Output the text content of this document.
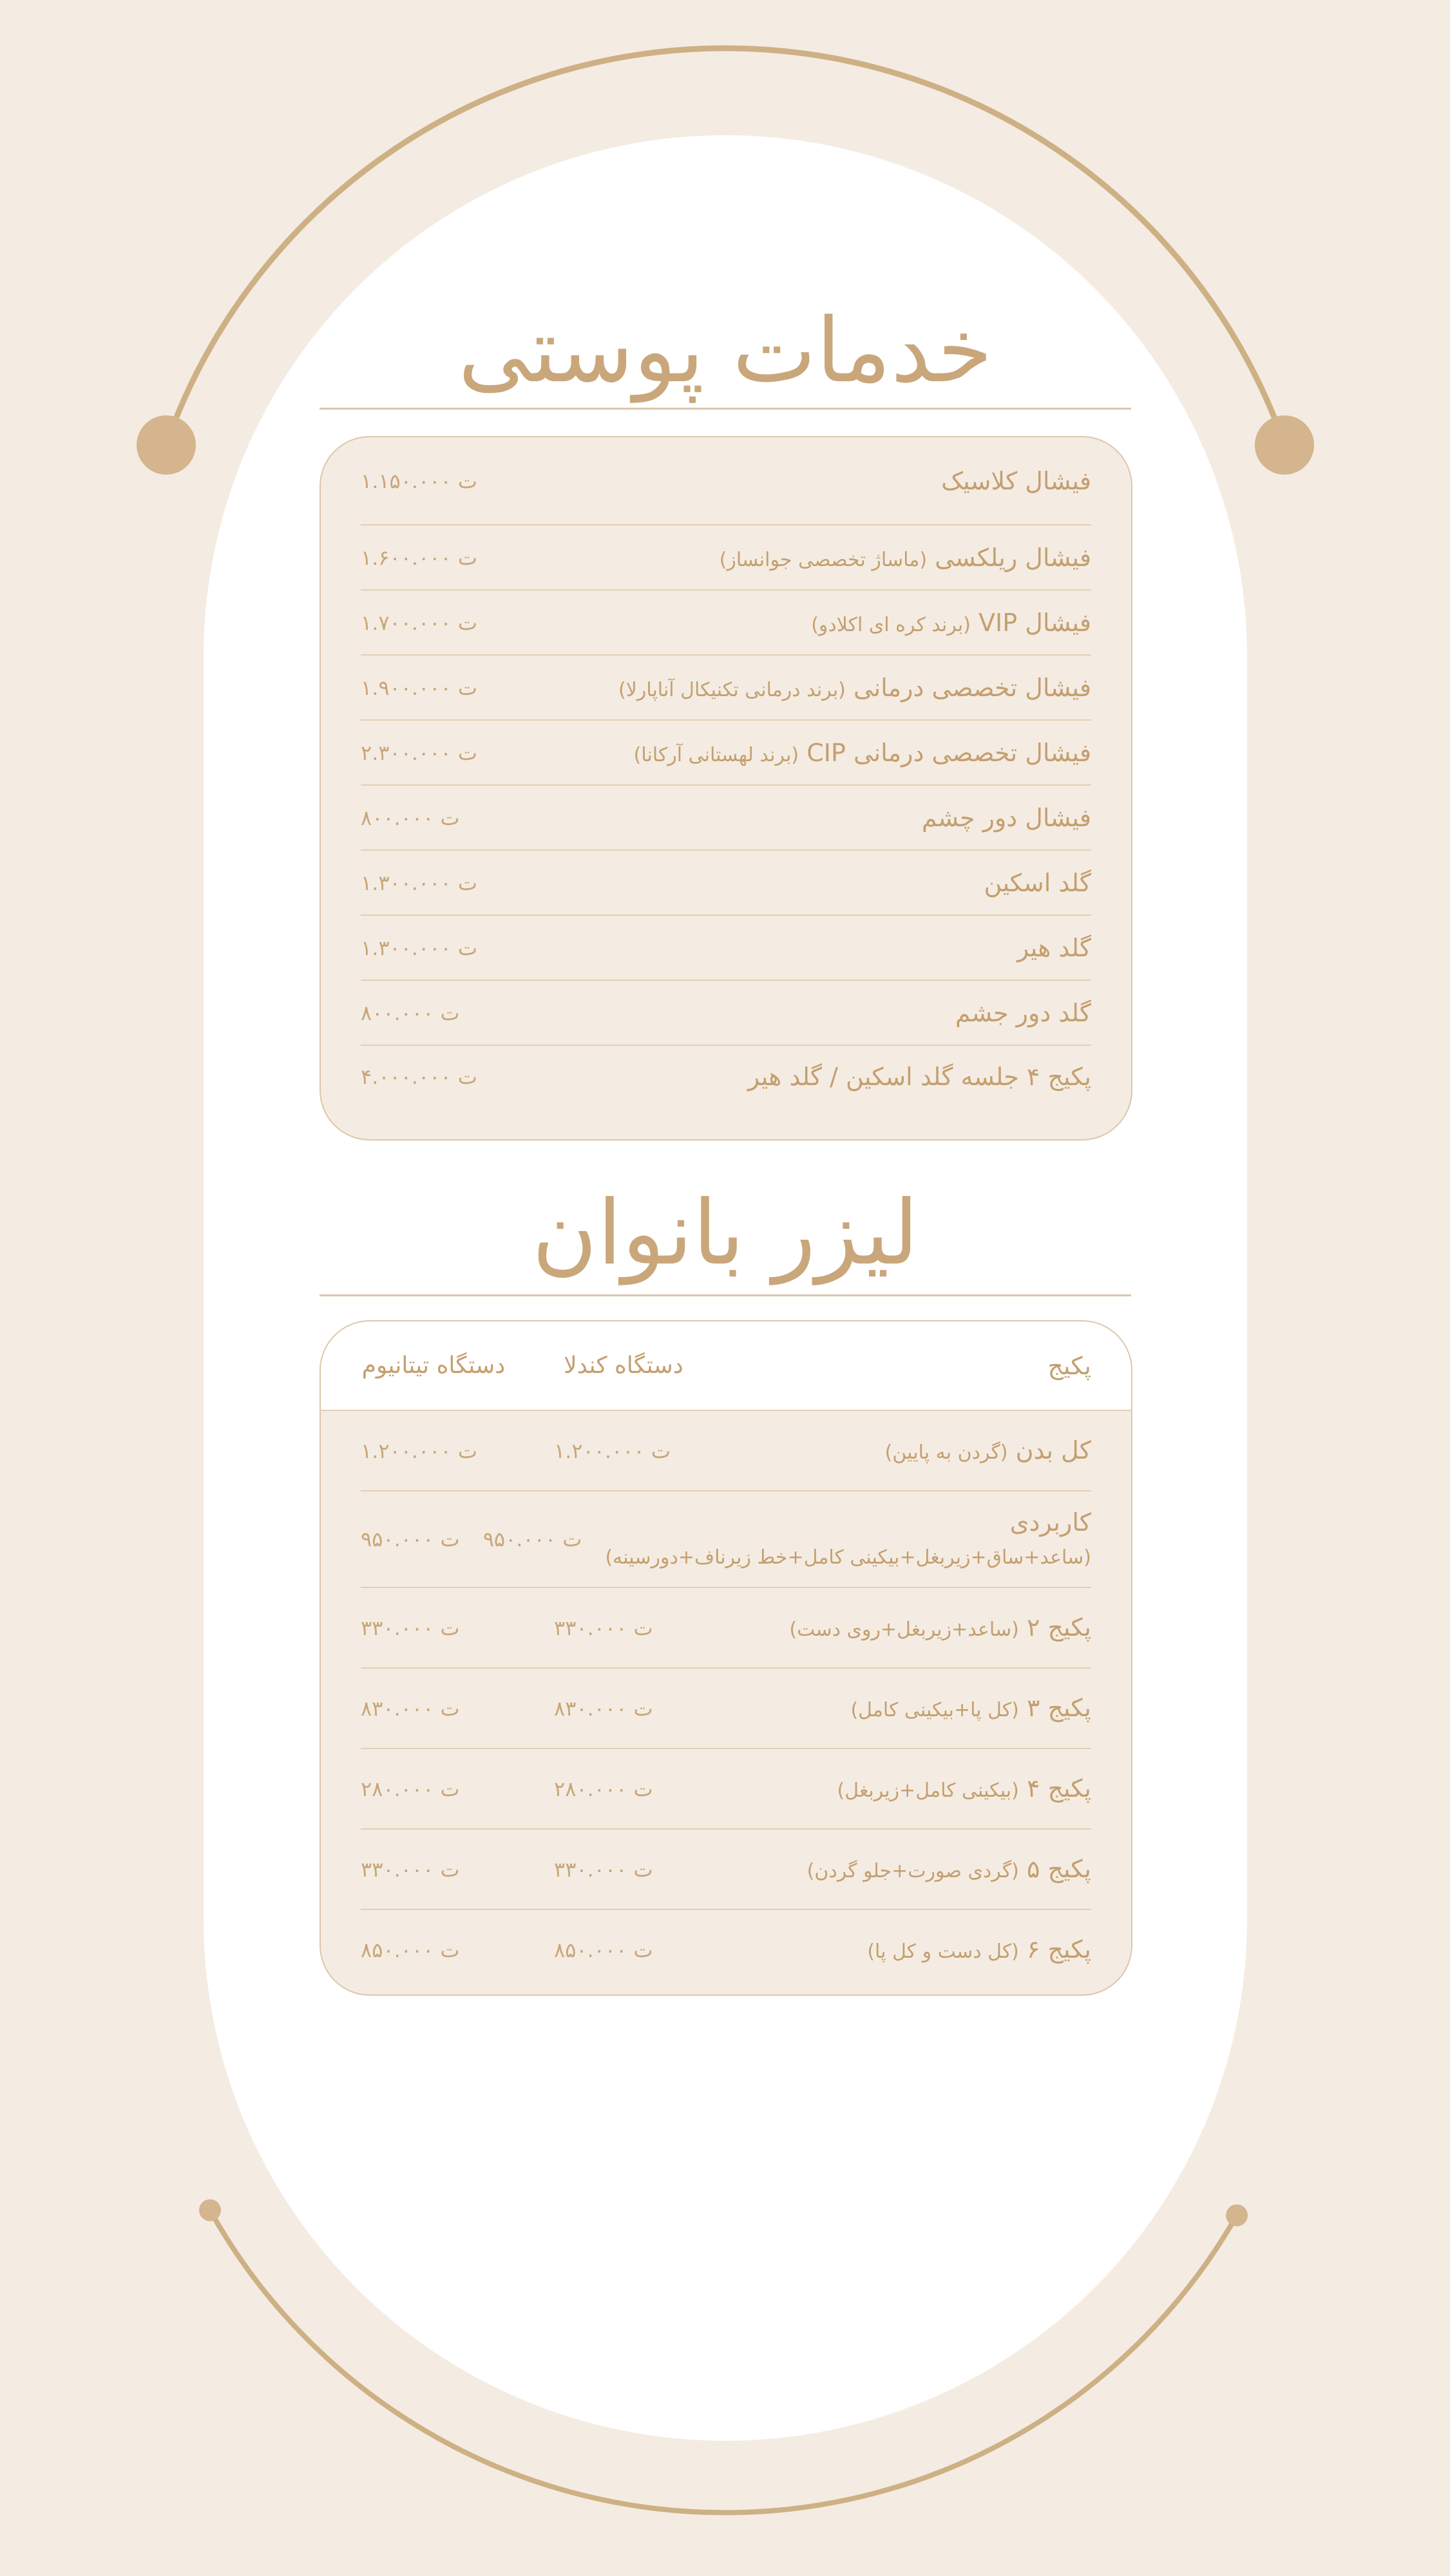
خدمات پوستی
فیشال کلاسیک
۱.۱۵۰.۰۰۰ ت
فیشال ریلکسی (ماساژ تخصصی جوانساز)
۱.۶۰۰.۰۰۰ ت
فیشال VIP (برند کره ای اکلادو)
۱.۷۰۰.۰۰۰ ت
فیشال تخصصی درمانی (برند درمانی تکنیکال آناپارلا)
۱.۹۰۰.۰۰۰ ت
فیشال تخصصی درمانی CIP (برند لهستانی آرکانا)
۲.۳۰۰.۰۰۰ ت
فیشال دور چشم
۸۰۰.۰۰۰ ت
گلد اسکین
۱.۳۰۰.۰۰۰ ت
گلد هیر
۱.۳۰۰.۰۰۰ ت
گلد دور جشم
۸۰۰.۰۰۰ ت
پکیج ۴ جلسه گلد اسکین / گلد هیر
۴.۰۰۰.۰۰۰ ت
لیزر بانوان
پکیج
دستگاه کندلا
دستگاه تیتانیوم
کل بدن (گردن به پایین)
۱.۲۰۰.۰۰۰ ت
۱.۲۰۰.۰۰۰ ت
کاربردی
(ساعد+ساق+زیربغل+بیکینی کامل+خط زیرناف+دورسینه)
۹۵۰.۰۰۰ ت
۹۵۰.۰۰۰ ت
پکیج ۲ (ساعد+زیربغل+روی دست)
۳۳۰.۰۰۰ ت
۳۳۰.۰۰۰ ت
پکیج ۳ (کل پا+بیکینی کامل)
۸۳۰.۰۰۰ ت
۸۳۰.۰۰۰ ت
پکیج ۴ (بیکینی کامل+زیربغل)
۲۸۰.۰۰۰ ت
۲۸۰.۰۰۰ ت
پکیج ۵ (گردی صورت+جلو گردن)
۳۳۰.۰۰۰ ت
۳۳۰.۰۰۰ ت
پکیج ۶ (کل دست و کل پا)
۸۵۰.۰۰۰ ت
۸۵۰.۰۰۰ ت
